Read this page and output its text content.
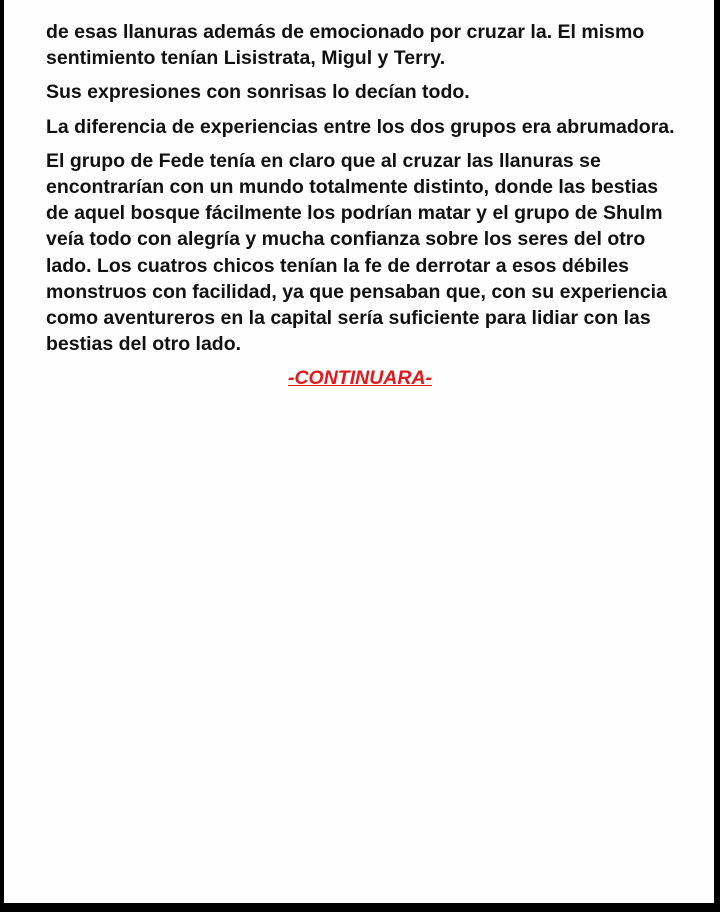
de esas llanuras además de emocionado por cruzar la. El mismo sentimiento tenían Lisistrata, Migul y Terry.

Sus expresiones con sonrisas lo decían todo.

La diferencia de experiencias entre los dos grupos era abrumadora.

El grupo de Fede tenía en claro que al cruzar las llanuras se encontrarían con un mundo totalmente distinto, donde las bestias de aquel bosque fácilmente los podrían matar y el grupo de Shulm veía todo con alegría y mucha confianza sobre los seres del otro lado. Los cuatros chicos tenían la fe de derrotar a esos débiles monstruos con facilidad, ya que pensaban que, con su experiencia como aventureros en la capital sería suficiente para lidiar con las bestias del otro lado.

-CONTINUARA-
